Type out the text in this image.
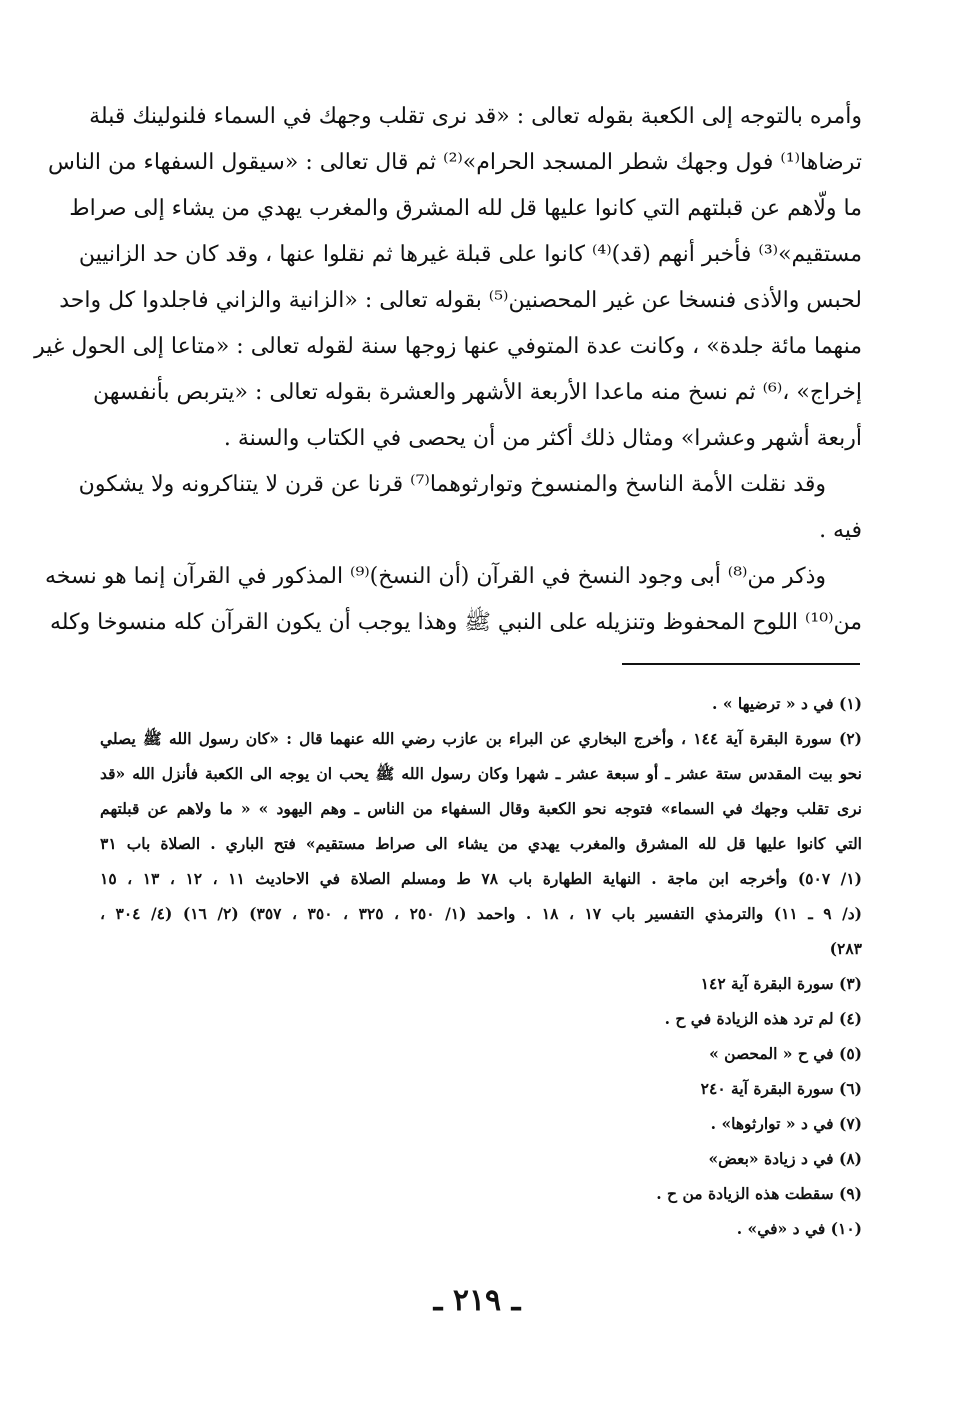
وأمره بالتوجه إلى الكعبة بقوله تعالى : «قد نرى تقلب وجهك في السماء فلنولينك قبلة
ترضاها⁽¹⁾ فول وجهك شطر المسجد الحرام»⁽²⁾ ثم قال تعالى : «سيقول السفهاء من الناس
ما ولّاهم عن قبلتهم التي كانوا عليها قل لله المشرق والمغرب يهدي من يشاء إلى صراط
مستقيم»⁽³⁾ فأخبر أنهم (قد)⁽⁴⁾ كانوا على قبلة غيرها ثم نقلوا عنها ، وقد كان حد الزانيين
لحبس والأذى فنسخا عن غير المحصنين⁽⁵⁾ بقوله تعالى : «الزانية والزاني فاجلدوا كل واحد
منهما مائة جلدة» ، وكانت عدة المتوفي عنها زوجها سنة لقوله تعالى : «متاعا إلى الحول غير
إخراج» ،⁽⁶⁾ ثم نسخ منه ماعدا الأربعة الأشهر والعشرة بقوله تعالى : «يتربص بأنفسهن
أربعة أشهر وعشرا» ومثال ذلك أكثر من أن يحصى في الكتاب والسنة .
وقد نقلت الأمة الناسخ والمنسوخ وتوارثوهما⁽⁷⁾ قرنا عن قرن لا يتناكرونه ولا يشكون
فيه .
وذكر من⁽⁸⁾ أبى وجود النسخ في القرآن (أن النسخ)⁽⁹⁾ المذكور في القرآن إنما هو نسخه
من⁽¹⁰⁾ اللوح المحفوظ وتنزيله على النبي ﷺ وهذا يوجب أن يكون القرآن كله منسوخا وكله
(١) في د « ترضيها » .
(٢) سورة البقرة آية ١٤٤ ، وأخرج البخاري عن البراء بن عازب رضي الله عنهما قال : «كان رسول الله ﷺ يصلي
نحو بيت المقدس ستة عشر ـ أو سبعة عشر ـ شهرا وكان رسول الله ﷺ يحب ان يوجه الى الكعبة فأنزل الله «قد
نرى تقلب وجهك في السماء» فتوجه نحو الكعبة وقال السفهاء من الناس ـ وهم اليهود » « ما ولاهم عن قبلتهم
التي كانوا عليها قل لله المشرق والمغرب يهدي من يشاء الى صراط مستقيم» فتح الباري . الصلاة باب ٣١
(١/ ٥٠٧) وأخرجه ابن ماجة . النهاية الطهارة باب ٧٨ ط ومسلم الصلاة في الاحاديث ١١ ، ١٢ ، ١٣ ، ١٥
(د/ ٩ ـ ١١) والترمذي التفسير باب ١٧ ، ١٨ . واحمد (١/ ٢٥٠ ، ٣٢٥ ، ٣٥٠ ، ٣٥٧) (٢/ ١٦) (٤/ ٣٠٤ ،
٢٨٣)
(٣) سورة البقرة آية ١٤٢
(٤) لم ترد هذه الزيادة في ح .
(٥) في ح « المحصن »
(٦) سورة البقرة آية ٢٤٠
(٧) في د « توارثوها» .
(٨) في د زيادة «بعض»
(٩) سقطت هذه الزيادة من ح .
(١٠) في د «في» .
ـ ٢١٩ ـ
